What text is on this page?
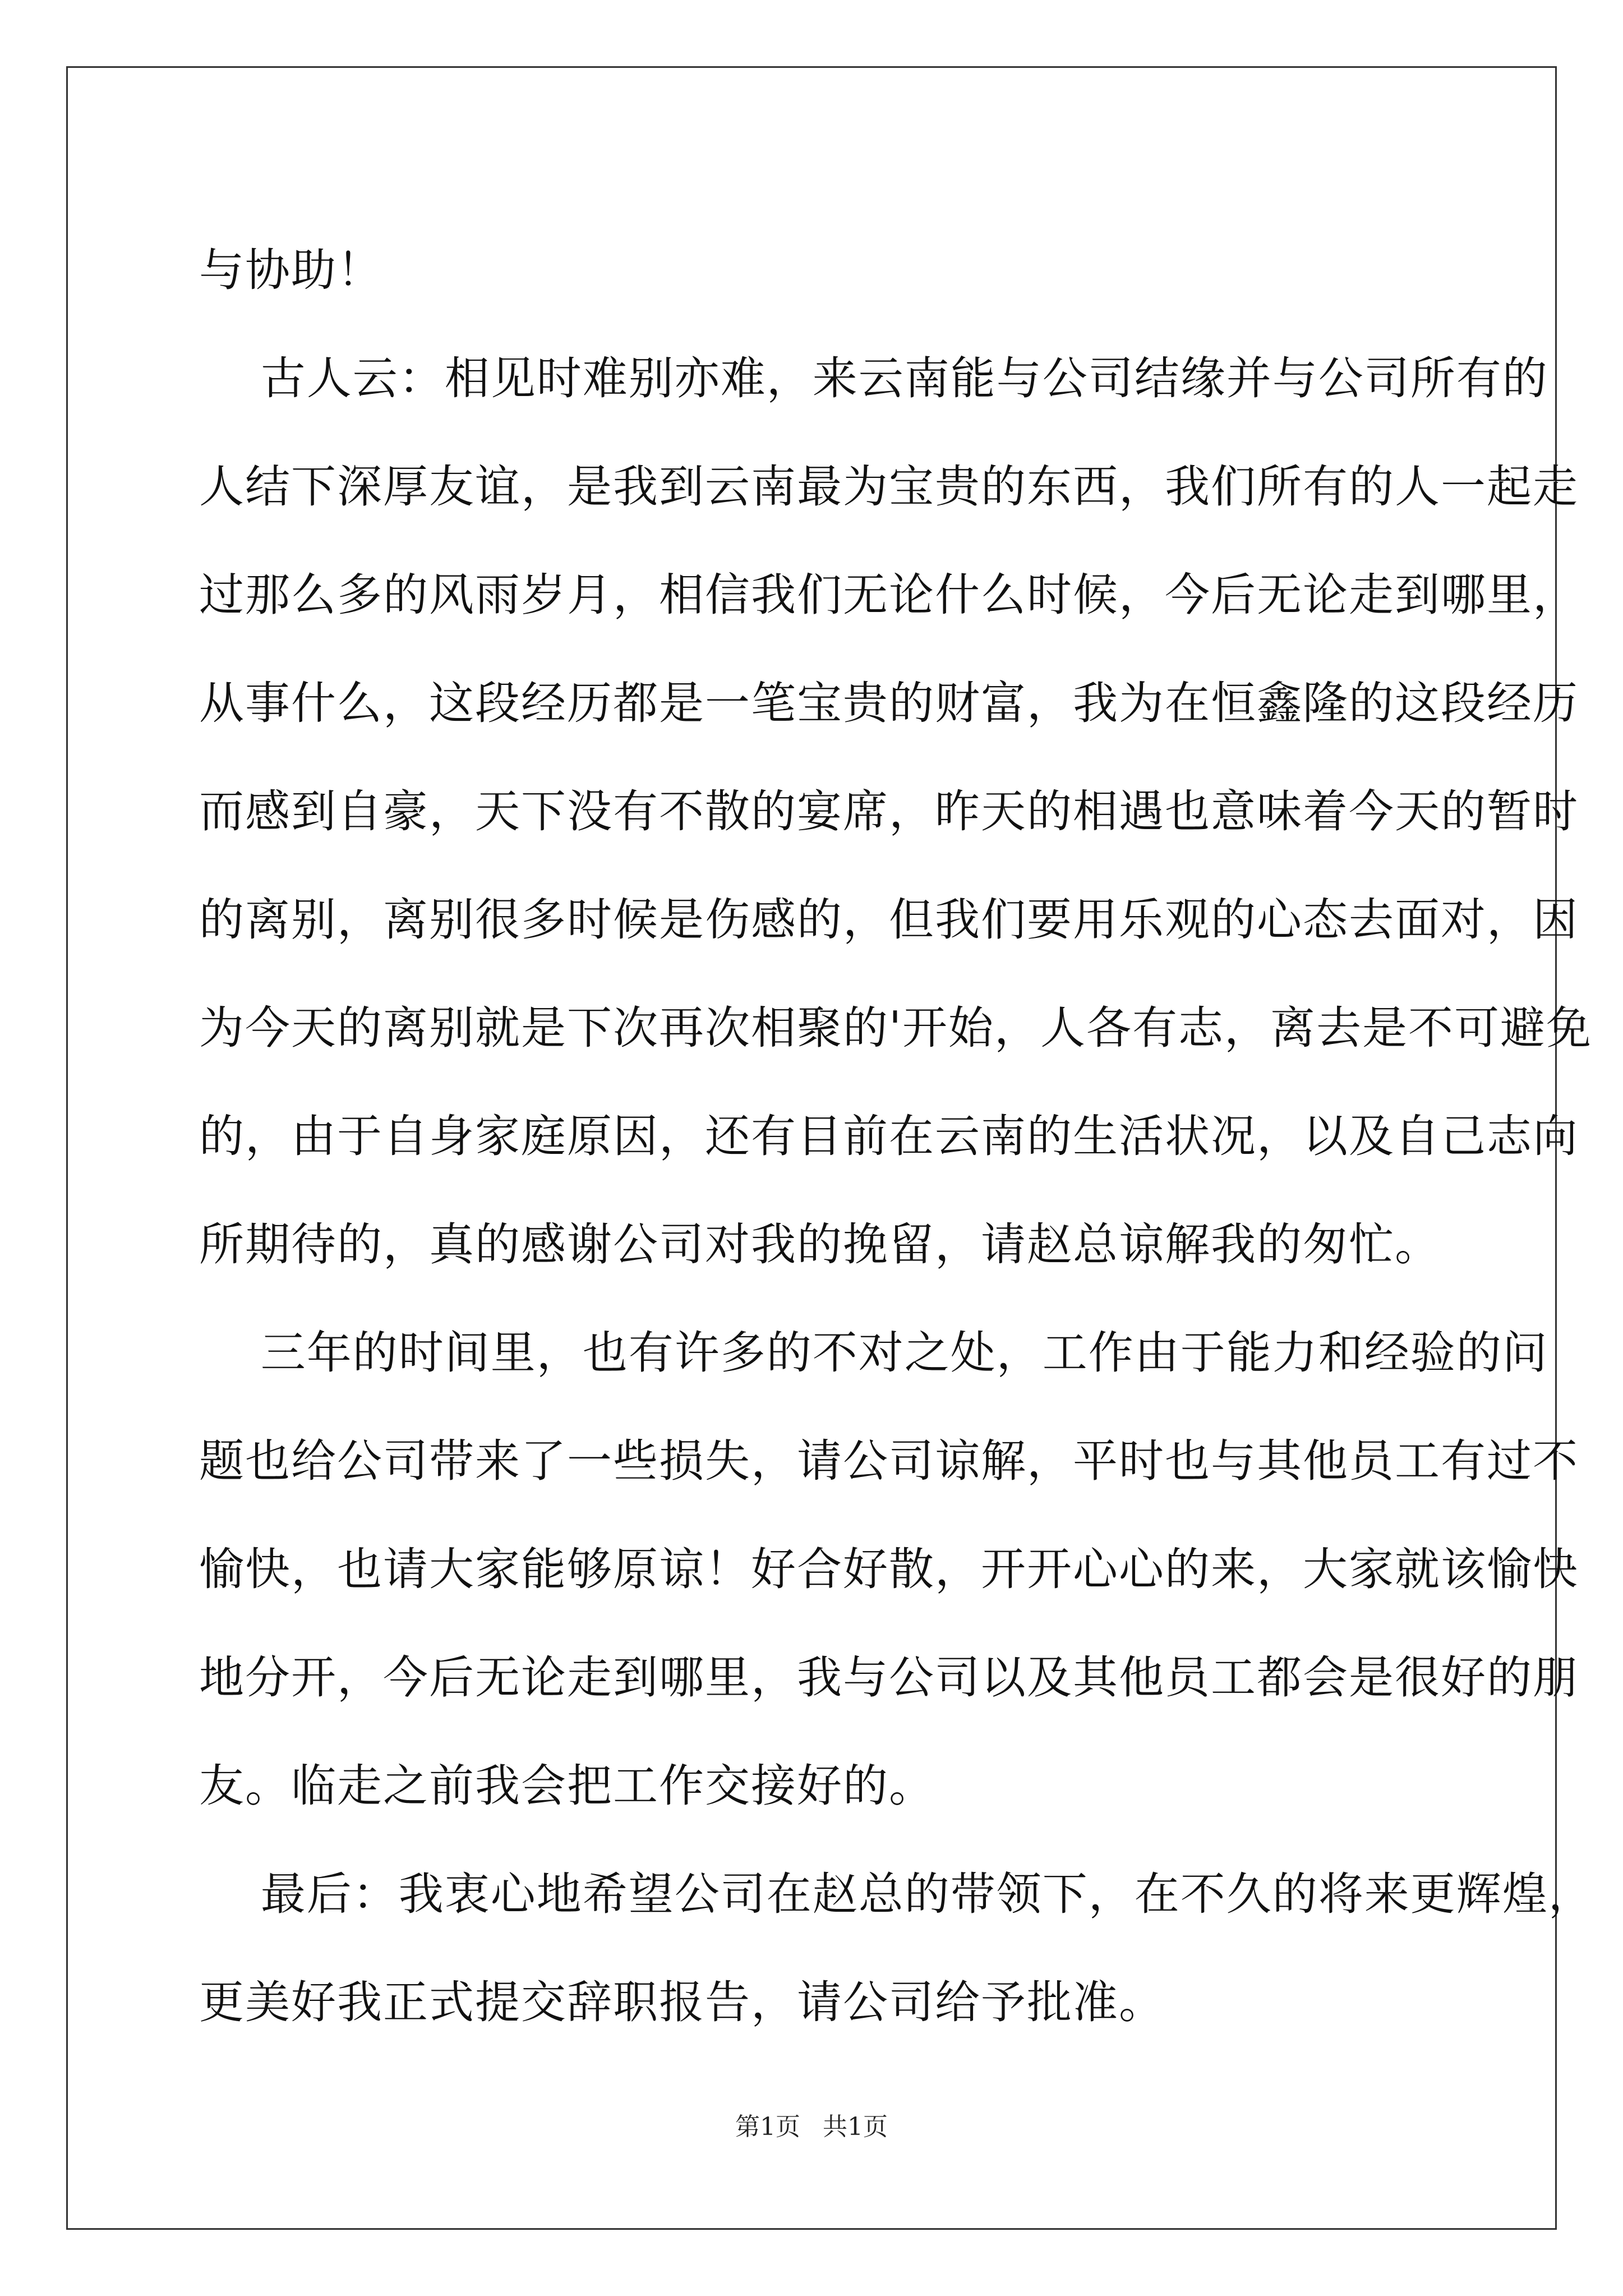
与协助！

古人云：相见时难别亦难，来云南能与公司结缘并与公司所有的

人结下深厚友谊，是我到云南最为宝贵的东西，我们所有的人一起走

过那么多的风雨岁月，相信我们无论什么时候，今后无论走到哪里，

从事什么，这段经历都是一笔宝贵的财富，我为在恒鑫隆的这段经历

而感到自豪，天下没有不散的宴席，昨天的相遇也意味着今天的暂时

的离别，离别很多时候是伤感的，但我们要用乐观的心态去面对，因

为今天的离别就是下次再次相聚的'开始，人各有志，离去是不可避免

的，由于自身家庭原因，还有目前在云南的生活状况，以及自己志向

所期待的，真的感谢公司对我的挽留，请赵总谅解我的匆忙。

三年的时间里，也有许多的不对之处，工作由于能力和经验的问

题也给公司带来了一些损失，请公司谅解，平时也与其他员工有过不

愉快，也请大家能够原谅！好合好散，开开心心的来，大家就该愉快

地分开，今后无论走到哪里，我与公司以及其他员工都会是很好的朋

友。临走之前我会把工作交接好的。

最后：我衷心地希望公司在赵总的带领下，在不久的将来更辉煌，

更美好我正式提交辞职报告，请公司给予批准。

第1页 共1页
